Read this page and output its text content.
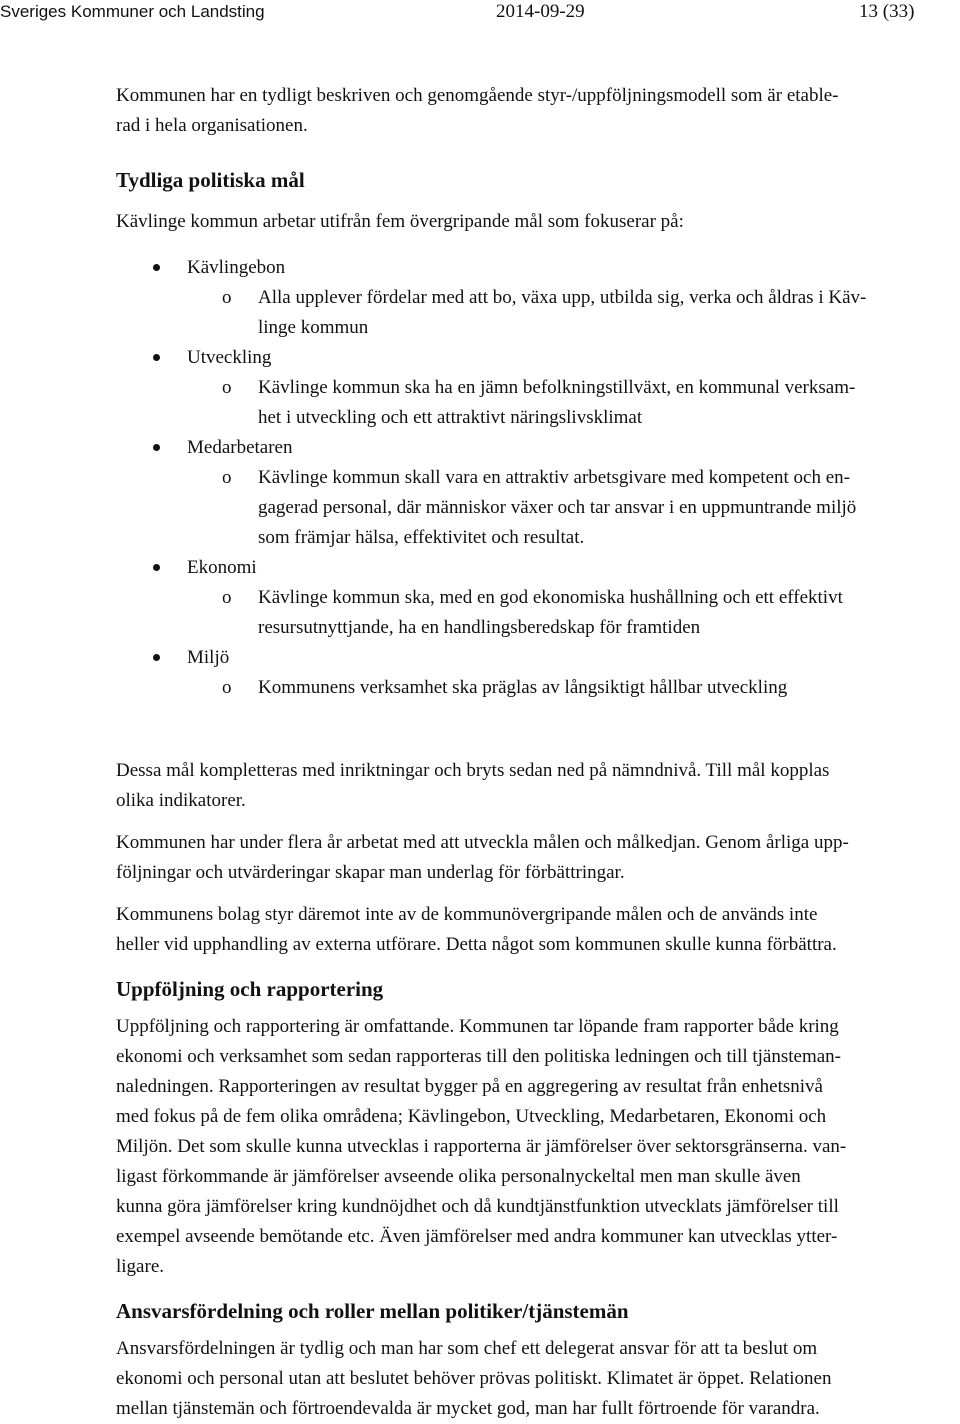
Sveriges Kommuner och Landsting	2014-09-29	13 (33)

Kommunen har en tydligt beskriven och genomgående styr-/uppföljningsmodell som är etable-
rad i hela organisationen.

Tydliga politiska mål

Kävlinge kommun arbetar utifrån fem övergripande mål som fokuserar på:

Kävlingebon
o Alla upplever fördelar med att bo, växa upp, utbilda sig, verka och åldras i Käv-
linge kommun
Utveckling
o Kävlinge kommun ska ha en jämn befolkningstillväxt, en kommunal verksam-
het i utveckling och ett attraktivt näringslivsklimat
Medarbetaren
o Kävlinge kommun skall vara en attraktiv arbetsgivare med kompetent och en-
gagerad personal, där människor växer och tar ansvar i en uppmuntrande miljö
som främjar hälsa, effektivitet och resultat.
Ekonomi
o Kävlinge kommun ska, med en god ekonomiska hushållning och ett effektivt
resursutnyttjande, ha en handlingsberedskap för framtiden
Miljö
o Kommunens verksamhet ska präglas av långsiktigt hållbar utveckling

Dessa mål kompletteras med inriktningar och bryts sedan ned på nämndnivå. Till mål kopplas
olika indikatorer.

Kommunen har under flera år arbetat med att utveckla målen och målkedjan. Genom årliga upp-
följningar och utvärderingar skapar man underlag för förbättringar.

Kommunens bolag styr däremot inte av de kommunövergripande målen och de används inte
heller vid upphandling av externa utförare. Detta något som kommunen skulle kunna förbättra.

Uppföljning och rapportering

Uppföljning och rapportering är omfattande. Kommunen tar löpande fram rapporter både kring
ekonomi och verksamhet som sedan rapporteras till den politiska ledningen och till tjänsteman-
naledningen. Rapporteringen av resultat bygger på en aggregering av resultat från enhetsnivå
med fokus på de fem olika områdena; Kävlingebon, Utveckling, Medarbetaren, Ekonomi och
Miljön. Det som skulle kunna utvecklas i rapporterna är jämförelser över sektorsgränserna. van-
ligast förkommande är jämförelser avseende olika personalnyckeltal men man skulle även
kunna göra jämförelser kring kundnöjdhet och då kundtjänstfunktion utvecklats jämförelser till
exempel avseende bemötande etc. Även jämförelser med andra kommuner kan utvecklas ytter-
ligare.

Ansvarsfördelning och roller mellan politiker/tjänstemän

Ansvarsfördelningen är tydlig och man har som chef ett delegerat ansvar för att ta beslut om
ekonomi och personal utan att beslutet behöver prövas politiskt. Klimatet är öppet. Relationen
mellan tjänstemän och förtroendevalda är mycket god, man har fullt förtroende för varandra.
